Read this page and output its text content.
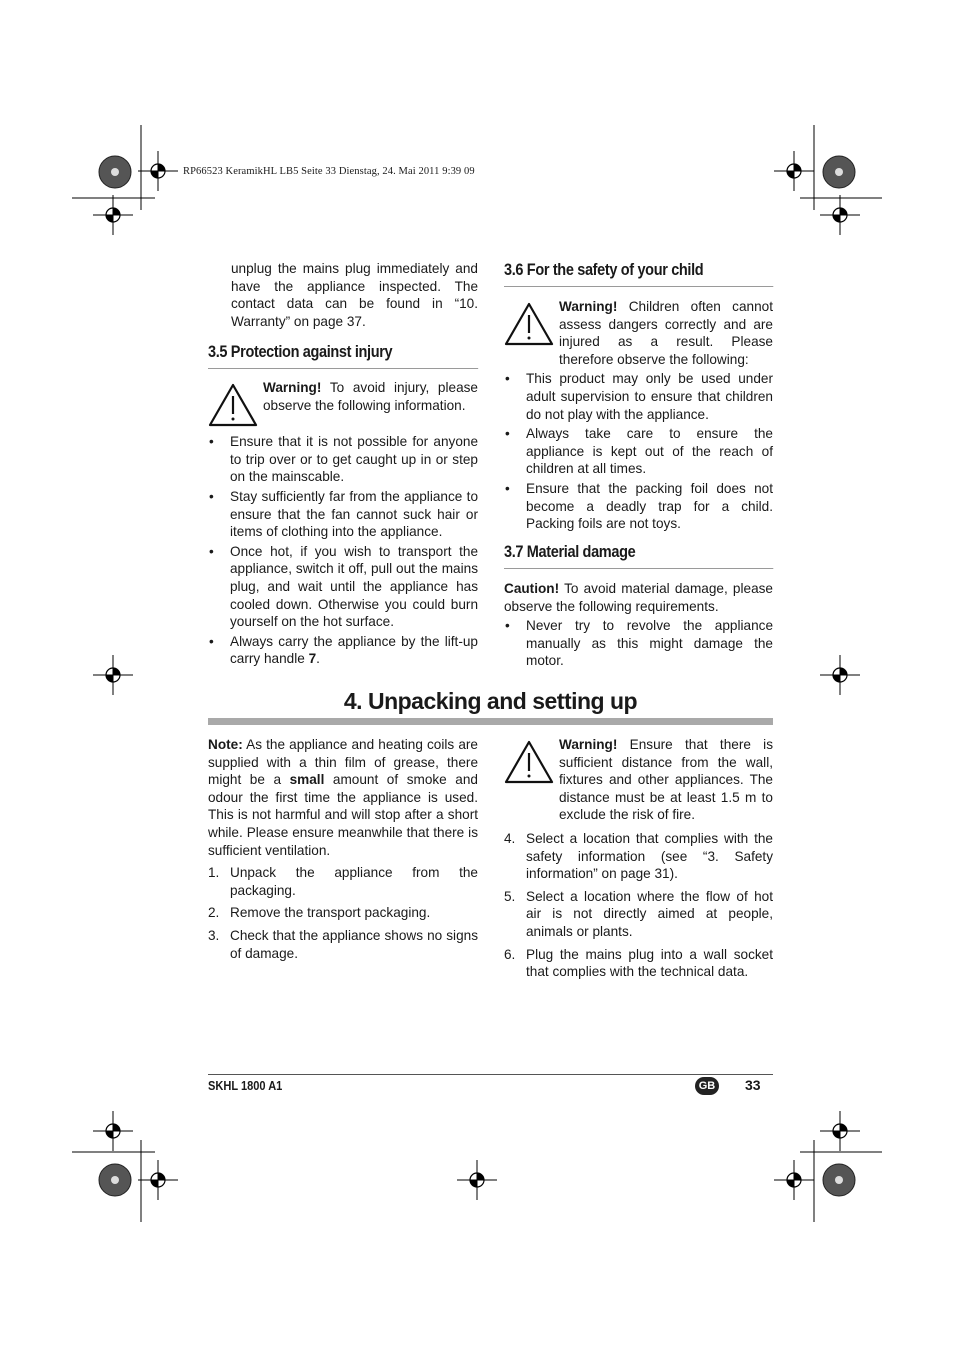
RP66523 KeramikHL LB5 Seite 33 Dienstag, 24. Mai 2011 9:39 09

unplug the mains plug immediately and have the appliance inspected. The contact data can be found in “10. Warranty” on page 37.

3.5 Protection against injury

Warning! To avoid injury, please observe the following information.

• Ensure that it is not possible for anyone to trip over or to get caught up in or step on the mainscable.
• Stay sufficiently far from the appliance to ensure that the fan cannot suck hair or items of clothing into the appliance.
• Once hot, if you wish to transport the appliance, switch it off, pull out the mains plug, and wait until the appliance has cooled down. Otherwise you could burn yourself on the hot surface.
• Always carry the appliance by the lift-up carry handle 7.
3.6 For the safety of your child

Warning! Children often cannot assess dangers correctly and are injured as a result. Please therefore observe the following:

• This product may only be used under adult supervision to ensure that children do not play with the appliance.
• Always take care to ensure the appliance is kept out of the reach of children at all times.
• Ensure that the packing foil does not become a deadly trap for a child. Packing foils are not toys.
3.7 Material damage

Caution! To avoid material damage, please observe the following requirements.

• Never try to revolve the appliance manually as this might damage the motor.
4. Unpacking and setting up

Note: As the appliance and heating coils are supplied with a thin film of grease, there might be a small amount of smoke and odour the first time the appliance is used. This is not harmful and will stop after a short while. Please ensure meanwhile that there is sufficient ventilation.

1. Unpack the appliance from the packaging.
2. Remove the transport packaging.
3. Check that the appliance shows no signs of damage.

Warning! Ensure that there is sufficient distance from the wall, fixtures and other appliances. The distance must be at least 1.5 m to exclude the risk of fire.

4. Select a location that complies with the safety information (see “3. Safety information” on page 31).
5. Select a location where the flow of hot air is not directly aimed at people, animals or plants.
6. Plug the mains plug into a wall socket that complies with the technical data.
SKHL 1800 A1	GB 33
